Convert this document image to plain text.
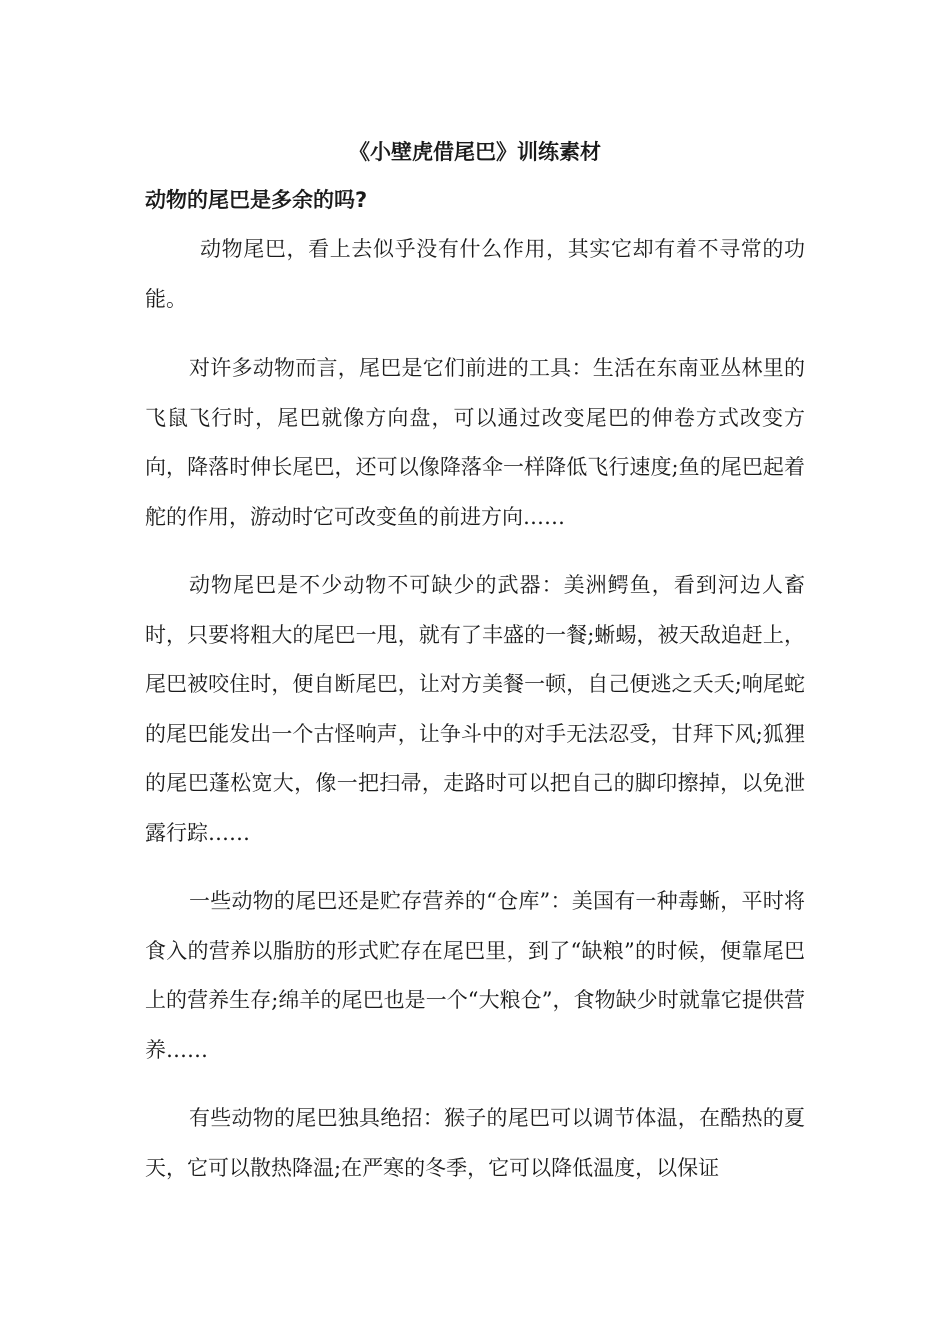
《小壁虎借尾巴》训练素材
动物的尾巴是多余的吗?

动物尾巴，看上去似乎没有什么作用，其实它却有着不寻常的功能。

对许多动物而言，尾巴是它们前进的工具：生活在东南亚丛林里的飞鼠飞行时，尾巴就像方向盘，可以通过改变尾巴的伸卷方式改变方向，降落时伸长尾巴，还可以像降落伞一样降低飞行速度;鱼的尾巴起着舵的作用，游动时它可改变鱼的前进方向……

动物尾巴是不少动物不可缺少的武器：美洲鳄鱼，看到河边人畜时，只要将粗大的尾巴一甩，就有了丰盛的一餐;蜥蜴，被天敌追赶上，尾巴被咬住时，便自断尾巴，让对方美餐一顿，自己便逃之夭夭;响尾蛇的尾巴能发出一个古怪响声，让争斗中的对手无法忍受，甘拜下风;狐狸的尾巴蓬松宽大，像一把扫帚，走路时可以把自己的脚印擦掉，以免泄露行踪……

一些动物的尾巴还是贮存营养的“仓库”：美国有一种毒蜥，平时将食入的营养以脂肪的形式贮存在尾巴里，到了“缺粮”的时候，便靠尾巴上的营养生存;绵羊的尾巴也是一个“大粮仓”，食物缺少时就靠它提供营养……

有些动物的尾巴独具绝招：猴子的尾巴可以调节体温，在酷热的夏天，它可以散热降温;在严寒的冬季，它可以降低温度，以保证
